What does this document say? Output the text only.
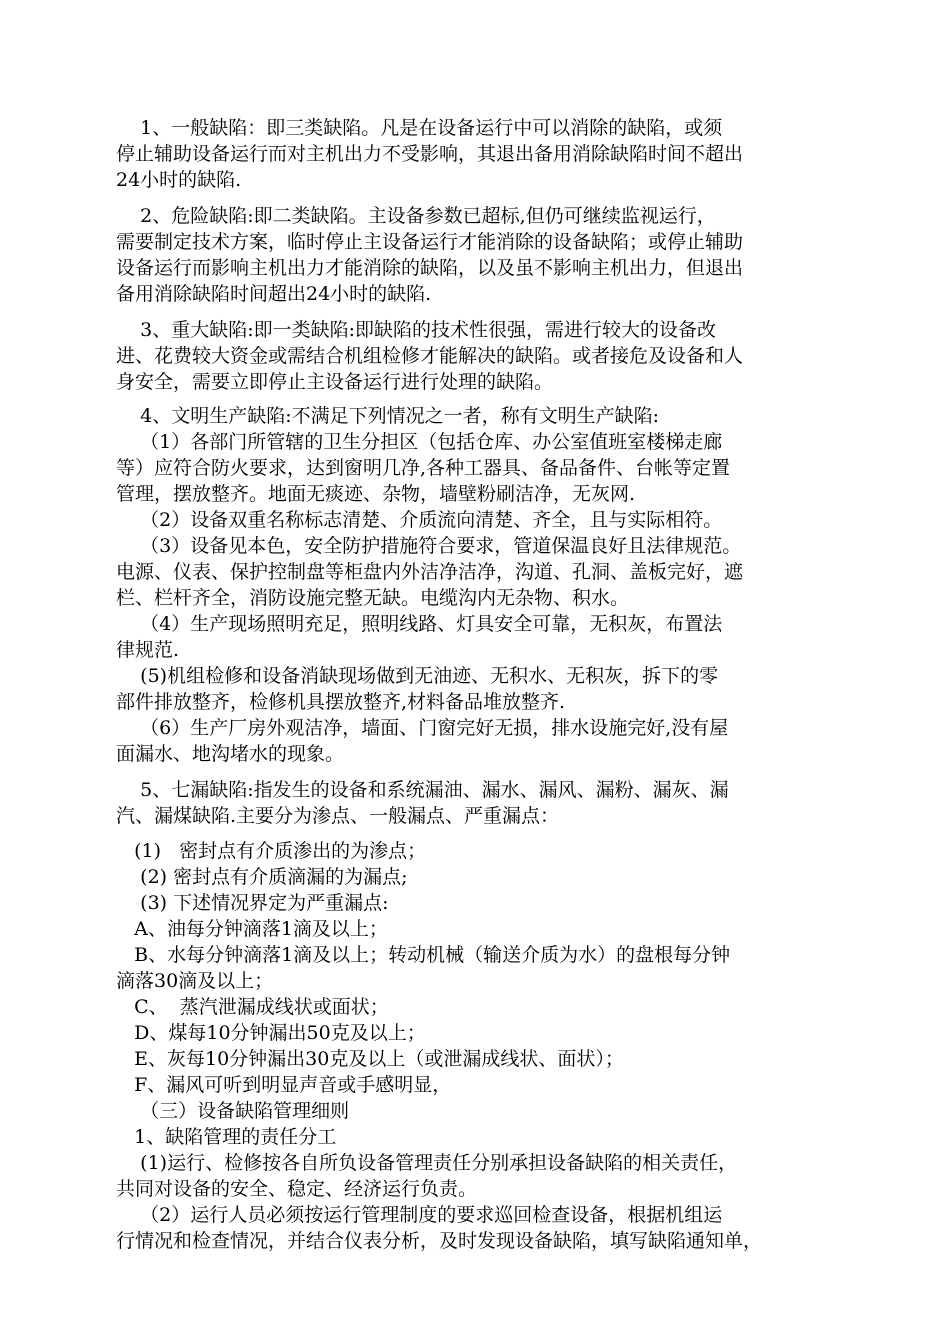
1、一般缺陷：即三类缺陷。凡是在设备运行中可以消除的缺陷，或须
停止辅助设备运行而对主机出力不受影响，其退出备用消除缺陷时间不超出
24小时的缺陷.
2、危险缺陷:即二类缺陷。主设备参数已超标,但仍可继续监视运行，
需要制定技术方案，临时停止主设备运行才能消除的设备缺陷；或停止辅助
设备运行而影响主机出力才能消除的缺陷，以及虽不影响主机出力，但退出
备用消除缺陷时间超出24小时的缺陷.
3、重大缺陷:即一类缺陷:即缺陷的技术性很强，需进行较大的设备改
进、花费较大资金或需结合机组检修才能解决的缺陷。或者接危及设备和人
身安全，需要立即停止主设备运行进行处理的缺陷。
4、文明生产缺陷:不满足下列情况之一者，称有文明生产缺陷:
（1）各部门所管辖的卫生分担区（包括仓库、办公室值班室楼梯走廊
等）应符合防火要求，达到窗明几净,各种工器具、备品备件、台帐等定置
管理，摆放整齐。地面无痰迹、杂物，墙壁粉刷洁净，无灰网.
（2）设备双重名称标志清楚、介质流向清楚、齐全，且与实际相符。
（3）设备见本色，安全防护措施符合要求，管道保温良好且法律规范。
电源、仪表、保护控制盘等柜盘内外洁净洁净，沟道、孔洞、盖板完好，遮
栏、栏杆齐全，消防设施完整无缺。电缆沟内无杂物、积水。
（4）生产现场照明充足，照明线路、灯具安全可靠，无积灰，布置法
律规范.
(5)机组检修和设备消缺现场做到无油迹、无积水、无积灰，拆下的零
部件排放整齐，检修机具摆放整齐,材料备品堆放整齐.
（6）生产厂房外观洁净，墙面、门窗完好无损，排水设施完好,没有屋
面漏水、地沟堵水的现象。
5、七漏缺陷:指发生的设备和系统漏油、漏水、漏风、漏粉、漏灰、漏
汽、漏煤缺陷.主要分为渗点、一般漏点、严重漏点：
(1)   密封点有介质渗出的为渗点；
(2) 密封点有介质滴漏的为漏点;
(3) 下述情况界定为严重漏点:
A、油每分钟滴落1滴及以上；
B、水每分钟滴落1滴及以上；转动机械（输送介质为水）的盘根每分钟
滴落30滴及以上；
C、  蒸汽泄漏成线状或面状；
D、煤每10分钟漏出50克及以上；
E、灰每10分钟漏出30克及以上（或泄漏成线状、面状）；
F、漏风可听到明显声音或手感明显，
（三）设备缺陷管理细则
1、缺陷管理的责任分工
(1)运行、检修按各自所负设备管理责任分别承担设备缺陷的相关责任，
共同对设备的安全、稳定、经济运行负责。
（2）运行人员必须按运行管理制度的要求巡回检查设备，根据机组运
行情况和检查情况，并结合仪表分析，及时发现设备缺陷，填写缺陷通知单，
